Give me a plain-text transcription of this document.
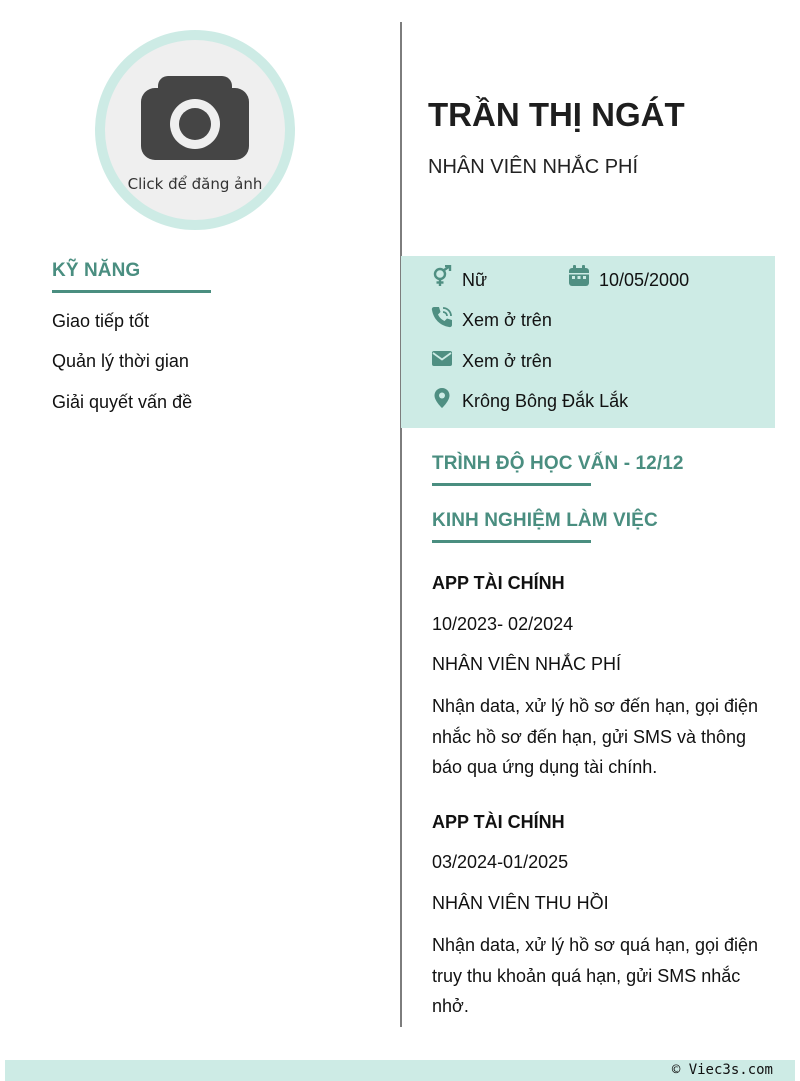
Click để đăng ảnh
KỸ NĂNG
Giao tiếp tốt
Quản lý thời gian
Giải quyết vấn đề
TRẦN THỊ NGÁT
NHÂN VIÊN NHẮC PHÍ
Nữ	10/05/2000
Xem ở trên
Xem ở trên
Krông Bông Đắk Lắk
TRÌNH ĐỘ HỌC VẤN - 12/12
KINH NGHIỆM LÀM VIỆC
APP TÀI CHÍNH
10/2023- 02/2024
NHÂN VIÊN NHẮC PHÍ
Nhận data, xử lý hồ sơ đến hạn, gọi điện nhắc hồ sơ đến hạn, gửi SMS và thông báo qua ứng dụng tài chính.
APP TÀI CHÍNH
03/2024-01/2025
NHÂN VIÊN THU HỒI
Nhận data, xử lý hồ sơ quá hạn, gọi điện truy thu khoản quá hạn, gửi SMS nhắc nhở.
© Viec3s.com
